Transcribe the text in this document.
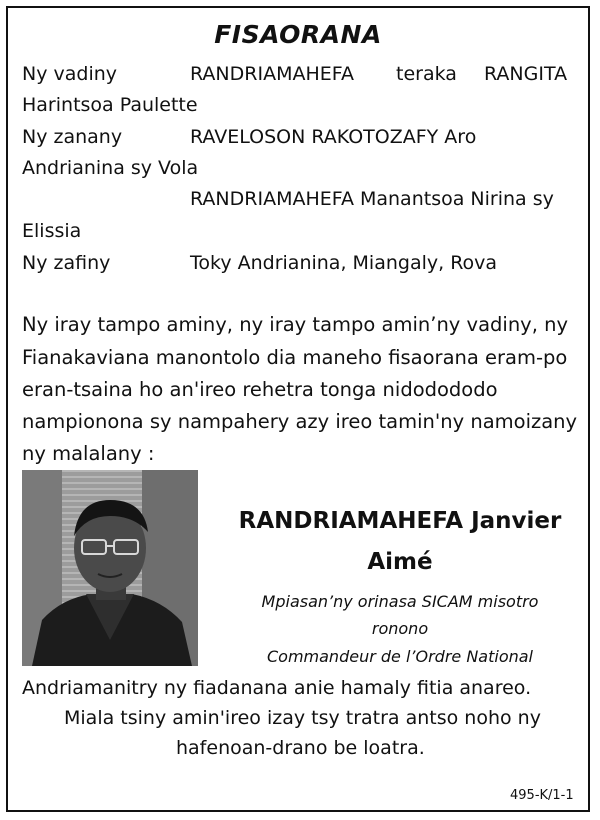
FISAORANA
Ny vadiny	RANDRIAMAHEFA teraka RANGITA
Harintsoa Paulette
Ny zanany	RAVELOSON RAKOTOZAFY Aro
Andrianina sy Vola
RANDRIAMAHEFA Manantsoa Nirina sy
Elissia
Ny zafiny	Toky Andrianina, Miangaly, Rova
Ny iray tampo aminy, ny iray tampo amin’ny vadiny, ny
Fianakaviana manontolo dia maneho fisaorana eram-po
eran-tsaina ho an'ireo rehetra tonga nidodododo
nampionona sy nampahery azy ireo tamin'ny namoizany
ny malalany :
RANDRIAMAHEFA Janvier
Aimé
Mpiasan’ny orinasa SICAM misotro
ronono
Commandeur de l’Ordre National
Andriamanitry ny fiadanana anie hamaly fitia anareo.
Miala tsiny amin'ireo izay tsy tratra antso noho ny
hafenoan-drano be loatra.
495-K/1-1
